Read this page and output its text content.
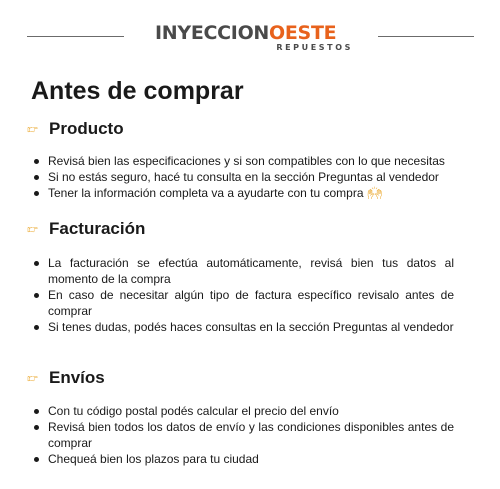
INYECCIONOESTE
REPUESTOS
Antes de comprar
👉︎ Producto
Revisá bien las especificaciones y si son compatibles con lo que necesitas
Si no estás seguro, hacé tu consulta en la sección Preguntas al vendedor
Tener la información completa va a ayudarte con tu compra 🙌︎
👉︎ Facturación
La facturación se efectúa automáticamente, revisá bien tus datos al momento de la compra
En caso de necesitar algún tipo de factura específico revisalo antes de comprar
Si tenes dudas, podés haces consultas en la sección Preguntas al vendedor
👉︎ Envíos
Con tu código postal podés calcular el precio del envío
Revisá bien todos los datos de envío y las condiciones disponibles antes de comprar
Chequeá bien los plazos para tu ciudad
